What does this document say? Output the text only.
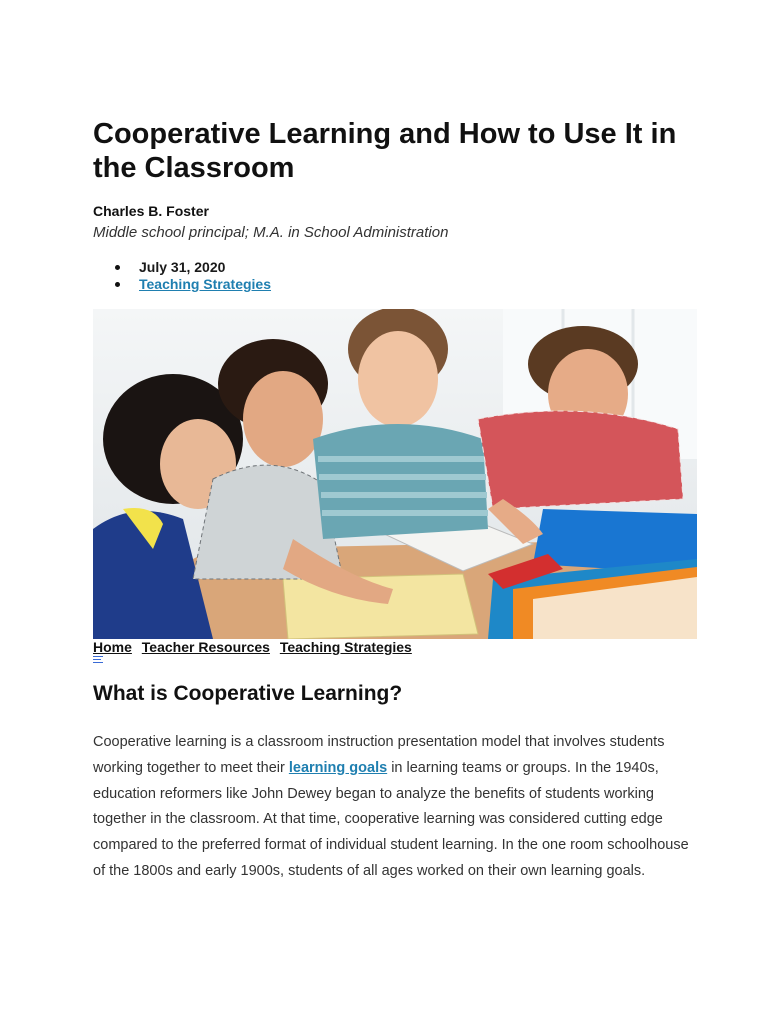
Cooperative Learning and How to Use It in the Classroom
Charles B. Foster
Middle school principal; M.A. in School Administration
July 31, 2020
Teaching Strategies
Home Teacher Resources Teaching Strategies
What is Cooperative Learning?

Cooperative learning is a classroom instruction presentation model that involves students working together to meet their learning goals in learning teams or groups. In the 1940s, education reformers like John Dewey began to analyze the benefits of students working together in the classroom. At that time, cooperative learning was considered cutting edge compared to the preferred format of individual student learning. In the one room schoolhouse of the 1800s and early 1900s, students of all ages worked on their own learning goals.
